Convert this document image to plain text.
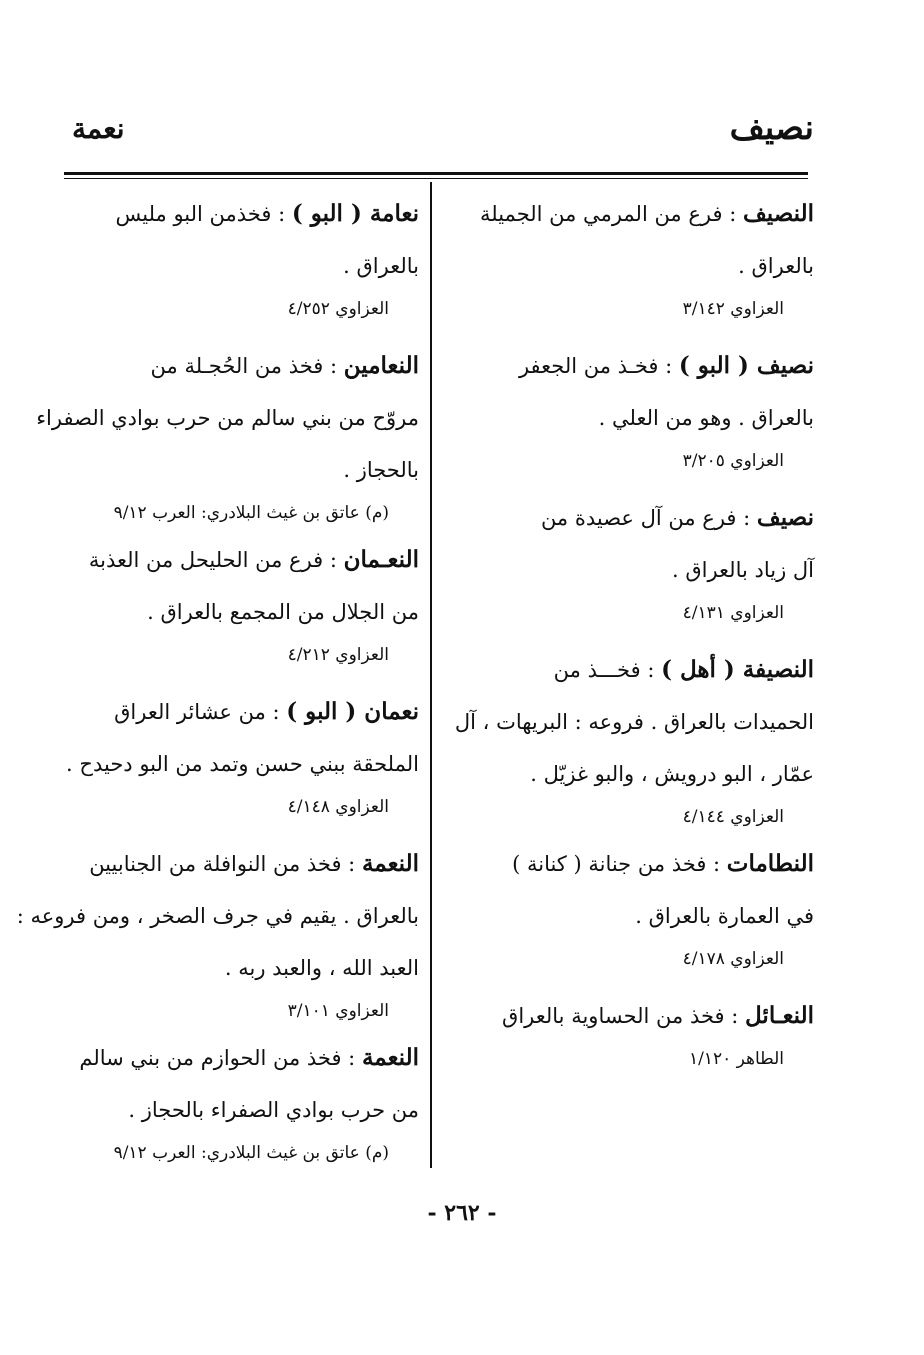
نصيف
نعمة
النصيف : فرع من المرمي من الجميلة
بالعراق .
العزاوي ٣/١٤٢
نصيف ( البو ) : فخـذ من الجعفر
بالعراق . وهو من العلي .
العزاوي ٣/٢٠٥
نصيف : فرع من آل عصيدة من
آل زياد بالعراق .
العزاوي ٤/١٣١
النصيفة ( أهل ) : فخـــذ من
الحميدات بالعراق . فروعه : البريهات ، آل
عمّار ، البو درويش ، والبو غزيّل .
العزاوي ٤/١٤٤
النطامات : فخذ من جنانة ( كنانة )
في العمارة بالعراق .
العزاوي ٤/١٧٨
النعـائل : فخذ من الحساوية بالعراق
الطاهر ١/١٢٠
نعامة ( البو ) : فخذمن البو مليس
بالعراق .
العزاوي ٤/٢٥٢
النعامين : فخذ من الحُجـلة من
مروّح من بني سالم من حرب بوادي الصفراء
بالحجاز .
(م) عاتق بن غيث البلادري: العرب ٩/١٢
النعـمان : فرع من الحليحل من العذبة
من الجلال من المجمع بالعراق .
العزاوي ٤/٢١٢
نعمان ( البو ) : من عشائر العراق
الملحقة ببني حسن وتمد من البو دحيدح .
العزاوي ٤/١٤٨
النعمة : فخذ من النوافلة من الجنابيين
بالعراق . يقيم في جرف الصخر ، ومن فروعه :
العبد الله ، والعبد ربه .
العزاوي ٣/١٠١
النعمة : فخذ من الحوازم من بني سالم
من حرب بوادي الصفراء بالحجاز .
(م) عاتق بن غيث البلادري: العرب ٩/١٢
- ٢٦٢ -
